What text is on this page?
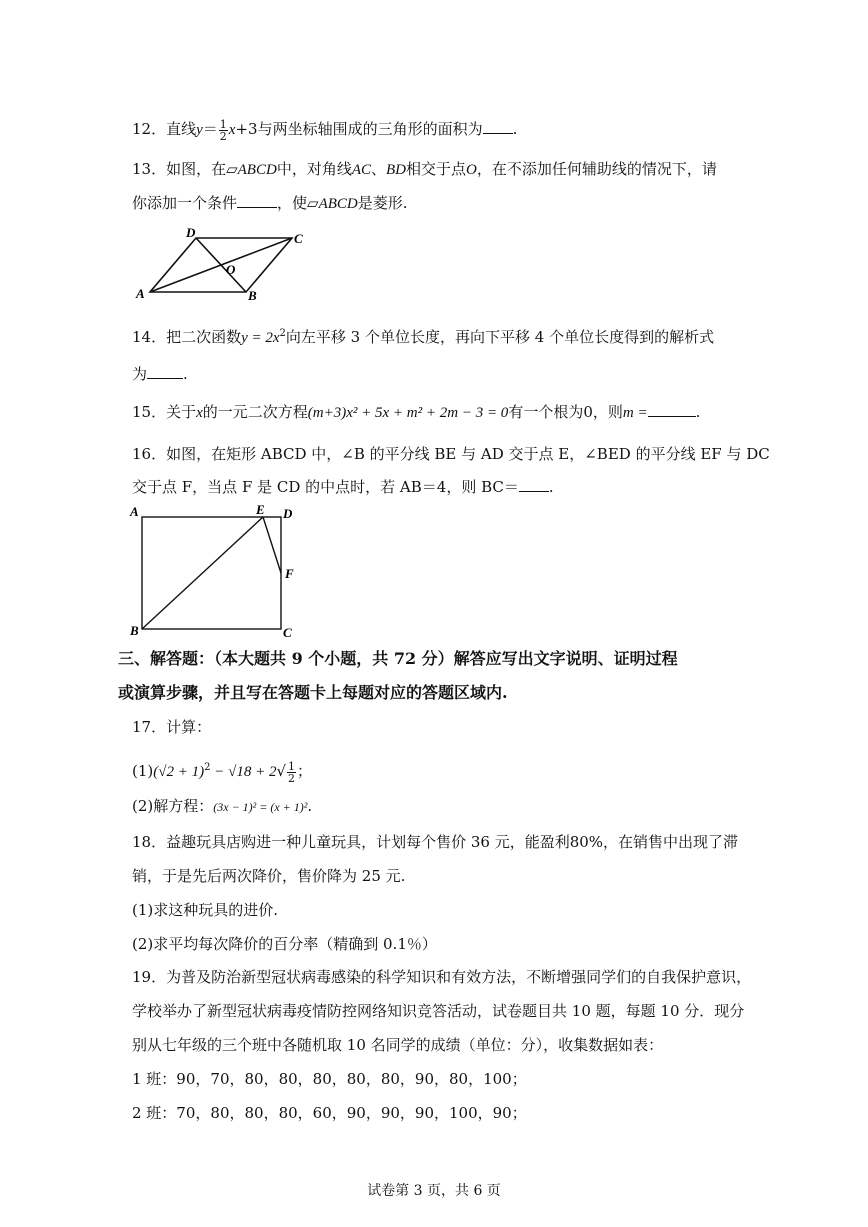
12．直线$y= \frac{1}{2} x+3$与两坐标轴围成的三角形的面积为 .
13．如图，在▱ABCD中，对角线AC、BD相交于点O，在不添加任何辅助线的情况下，请
你添加一个条件	，使▱ABCD是菱形.
D	C
O
A	B
14．把二次函数$y = 2x^2$向左平移 3 个单位长度，再向下平移 4 个单位长度得到的解析式
为 .
15．关于x的一元二次方程(m+3)x² + 5x + m² + 2m − 3 = 0有一个根为0，则m =	.
16．如图，在矩形 ABCD 中，∠B 的平分线 BE 与 AD 交于点 E，∠BED 的平分线 EF 与 DC
交于点 F，当点 F 是 CD 的中点时，若 AB＝4，则 BC＝ .
A	E D
F
B	C
三、解答题：（本大题共 9 个小题，共 72 分）解答应写出文字说明、证明过程
或演算步骤，并且写在答题卡上每题对应的答题区域内.
17．计算：
$(1)(√2 + 1)^2 - √18 + 2√ \frac{1}{2}$ ；
(2)解方程：(3x − 1)² = (x + 1)².
18．益趣玩具店购进一种儿童玩具，计划每个售价 36 元，能盈利80%，在销售中出现了滞
销，于是先后两次降价，售价降为 25 元.
(1)求这种玩具的进价.
(2)求平均每次降价的百分率（精确到 0.1％）
19．为普及防治新型冠状病毒感染的科学知识和有效方法，不断增强同学们的自我保护意识，
学校举办了新型冠状病毒疫情防控网络知识竞答活动，试卷题目共 10 题，每题 10 分．现分
别从七年级的三个班中各随机取 10 名同学的成绩（单位：分），收集数据如表：
1 班：90，70，80，80，80，80，80，90，80，100；
2 班：70，80，80，80，60，90，90，90，100，90；
试卷第 3 页，共 6 页
